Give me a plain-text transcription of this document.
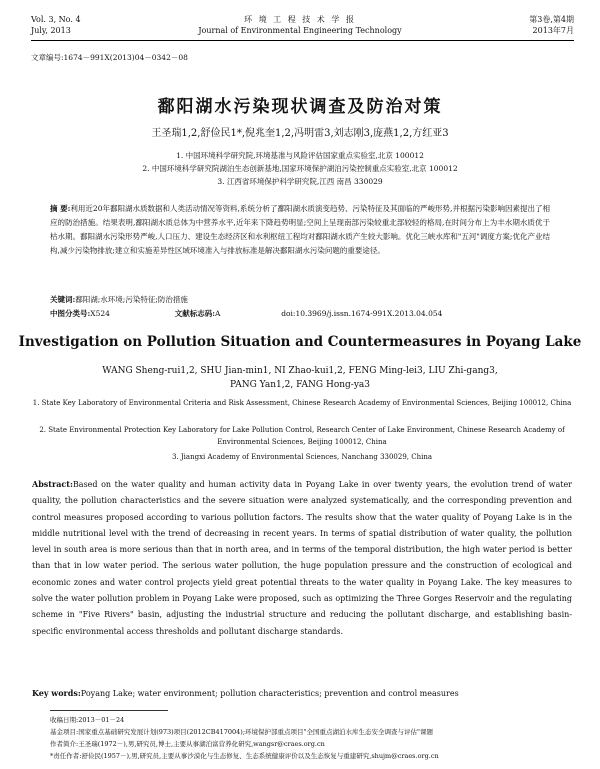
Vol. 3, No. 4
July, 2013
环 境 工 程 技 术 学 报
Journal of Environmental Engineering Technology
第3卷,第4期
2013年7月
文章编号:1674－991X(2013)04－0342－08
鄱阳湖水污染现状调查及防治对策
王圣瑞1,2,舒俭民1*,倪兆奎1,2,冯明雷3,刘志刚3,庞燕1,2,方红亚3
1. 中国环境科学研究院,环境基准与风险评估国家重点实验室,北京 100012
2. 中国环境科学研究院湖泊生态创新基地,国家环境保护湖泊污染控制重点实验室,北京 100012
3. 江西省环境保护科学研究院,江西 南昌 330029
摘 要:利用近20年鄱阳湖水质数据和人类活动情况等资料,系统分析了鄱阳湖水质演变趋势、污染特征及其面临的严峻形势,并根据污染影响因素提出了相应的防治措施。结果表明,鄱阳湖水质总体为中营养水平,近年来下降趋势明显;空间上呈现南部污染较重北部较轻的格局,在时间分布上为丰水期水质优于枯水期。鄱阳湖水污染形势严峻,人口压力、建设生态经济区和水利枢纽工程均对鄱阳湖水质产生较大影响。优化三峡水库和"五河"调度方案;优化产业结构,减少污染物排放;建立和实施差异性区域环境准入与排放标准是解决鄱阳湖水污染问题的重要途径。
关键词:鄱阳湖;水环境;污染特征;防治措施
中图分类号:X524	文献标志码:A	doi:10.3969/j.issn.1674-991X.2013.04.054
Investigation on Pollution Situation and Countermeasures in Poyang Lake
WANG Sheng-rui1,2, SHU Jian-min1, NI Zhao-kui1,2, FENG Ming-lei3, LIU Zhi-gang3,
PANG Yan1,2, FANG Hong-ya3
1. State Key Laboratory of Environmental Criteria and Risk Assessment, Chinese Research Academy of Environmental Sciences, Beijing 100012, China
2. State Environmental Protection Key Laboratory for Lake Pollution Control, Research Center of Lake Environment, Chinese Research Academy of Environmental Sciences, Beijing 100012, China
3. Jiangxi Academy of Environmental Sciences, Nanchang 330029, China
Abstract:Based on the water quality and human activity data in Poyang Lake in over twenty years, the evolution trend of water quality, the pollution characteristics and the severe situation were analyzed systematically, and the corresponding prevention and control measures proposed according to various pollution factors. The results show that the water quality of Poyang Lake is in the middle nutritional level with the trend of decreasing in recent years. In terms of spatial distribution of water quality, the pollution level in south area is more serious than that in north area, and in terms of the temporal distribution, the high water period is better than that in low water period. The serious water pollution, the huge population pressure and the construction of ecological and economic zones and water control projects yield great potential threats to the water quality in Poyang Lake. The key measures to solve the water pollution problem in Poyang Lake were proposed, such as optimizing the Three Gorges Reservoir and the regulating scheme in "Five Rivers" basin, adjusting the industrial structure and reducing the pollutant discharge, and establishing basin-specific environmental access thresholds and pollutant discharge standards.
Key words:Poyang Lake; water environment; pollution characteristics; prevention and control measures
收稿日期:2013－01－24
基金项目:国家重点基础研究发展计划(973)项目(2012CB417004);环境保护部重点项目"全国重点湖泊水库生态安全调查与评估"课题
作者简介:王圣瑞(1972－),男,研究员,博士,主要从事湖泊富营养化研究,wangsr@craes.org.cn
*责任作者:舒俭民(1957－),男,研究员,主要从事沙漠化与生态修复、生态系统健康评价以及生态恢复与重建研究,shujm@craes.org.cn
